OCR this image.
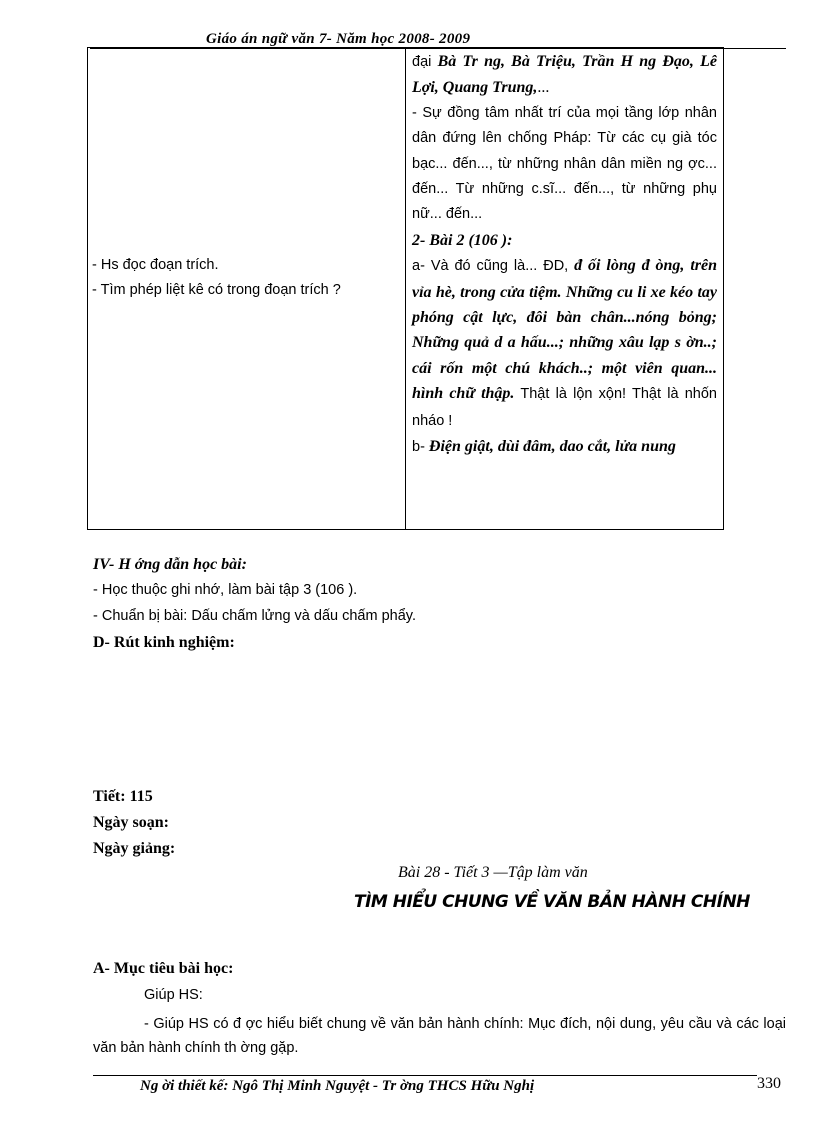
Giáo án ngữ văn 7- Năm học 2008- 2009
- Hs đọc đoạn trích.
- Tìm phép liệt kê có trong đoạn trích ?

đại Bà Tr ng, Bà Triệu, Trần H ng Đạo, Lê Lợi, Quang Trung,...

- Sự đồng tâm nhất trí của mọi tầng lớp nhân dân đứng lên chống Pháp: Từ các cụ già tóc bạc... đến..., từ những nhân dân miền ng ợc... đến... Từ những c.sĩ... đến..., từ những phụ nữ... đến...

2- Bài 2 (106 ):

a- Và đó cũng là... ĐD, đ ối lòng đ òng, trên vỉa hè, trong cửa tiệm. Những cu li xe kéo tay phóng cật lực, đôi bàn chân...nóng bỏng; Những quả d a hấu...; những xâu lạp s ờn..; cái rốn một chú khách..; một viên quan... hình chữ thập. Thật là lộn xộn! Thật là nhốn nháo !

b- Điện giật, dùi đâm, dao cắt, lửa nung

IV- H ớng dẫn học bài:
- Học thuộc ghi nhớ, làm bài tập 3 (106 ).
- Chuẩn bị bài: Dấu chấm lửng và dấu chấm phẩy.
D- Rút kinh nghiệm:
Tiết: 115
Ngày soạn:
Ngày giảng:
Bài 28 - Tiết 3 —Tập làm văn
TÌM HIỂU CHUNG VỀ VĂN BẢN HÀNH CHÍNH
A- Mục tiêu bài học:
Giúp HS:
- Giúp HS có đ ợc hiểu biết chung về văn bản hành chính: Mục đích, nội dung, yêu cầu và các loại văn bản hành chính th ờng gặp.
Ng ời thiết kế: Ngô Thị Minh Nguyệt - Tr ờng THCS Hữu Nghị	330
